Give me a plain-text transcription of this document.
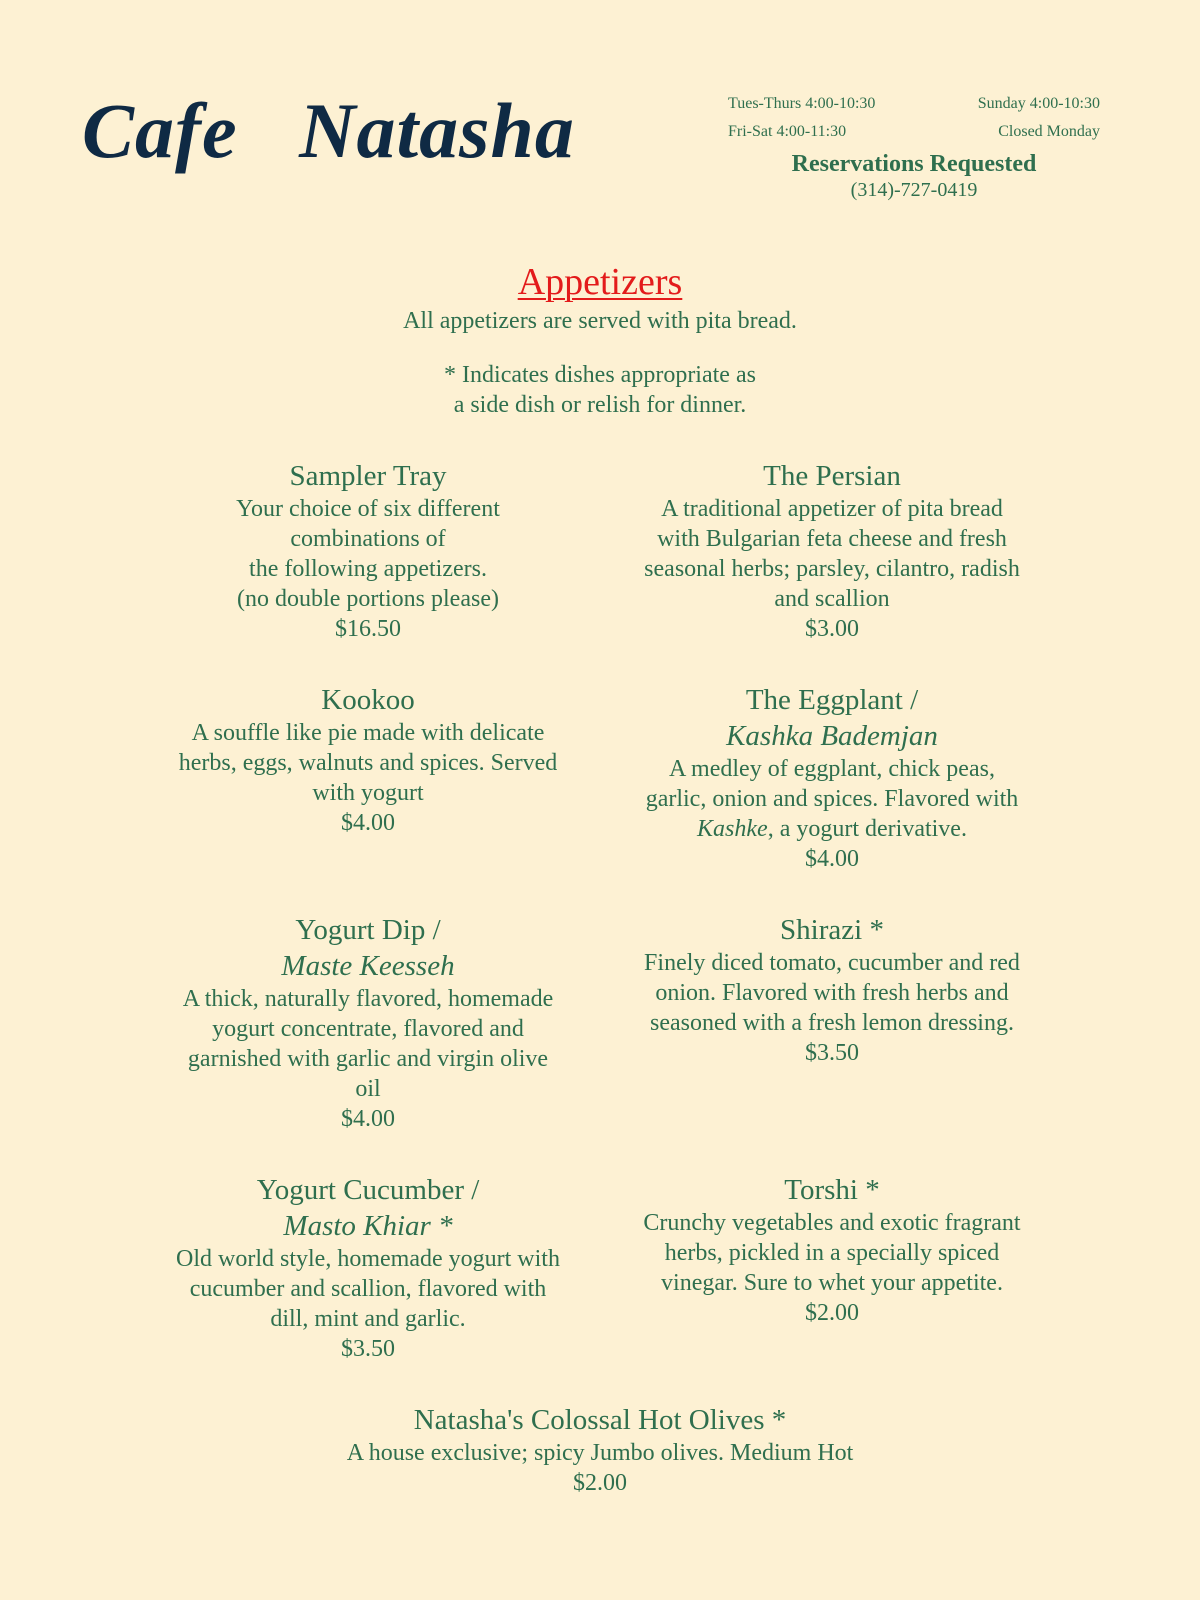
Cafe   Natasha	Tues-Thurs 4:00-10:30	Sunday 4:00-10:30
Fri-Sat 4:00-11:30	Closed Monday
Reservations Requested
(314)-727-0419
Appetizers
All appetizers are served with pita bread.
* Indicates dishes appropriate as
a side dish or relish for dinner.
Sampler Tray
Your choice of six different
combinations of
the following appetizers.
(no double portions please)
$16.50
The Persian
A traditional appetizer of pita bread
with Bulgarian feta cheese and fresh
seasonal herbs; parsley, cilantro, radish
and scallion
$3.00
Kookoo
A souffle like pie made with delicate
herbs, eggs, walnuts and spices. Served
with yogurt
$4.00
The Eggplant /
Kashka Bademjan
A medley of eggplant, chick peas,
garlic, onion and spices. Flavored with
Kashke, a yogurt derivative.
$4.00
Yogurt Dip /
Maste Keesseh
A thick, naturally flavored, homemade
yogurt concentrate, flavored and
garnished with garlic and virgin olive
oil
$4.00
Shirazi *
Finely diced tomato, cucumber and red
onion. Flavored with fresh herbs and
seasoned with a fresh lemon dressing.
$3.50
Yogurt Cucumber /
Masto Khiar *
Old world style, homemade yogurt with
cucumber and scallion, flavored with
dill, mint and garlic.
$3.50
Torshi *
Crunchy vegetables and exotic fragrant
herbs, pickled in a specially spiced
vinegar. Sure to whet your appetite.
$2.00
Natasha's Colossal Hot Olives *
A house exclusive; spicy Jumbo olives. Medium Hot
$2.00
